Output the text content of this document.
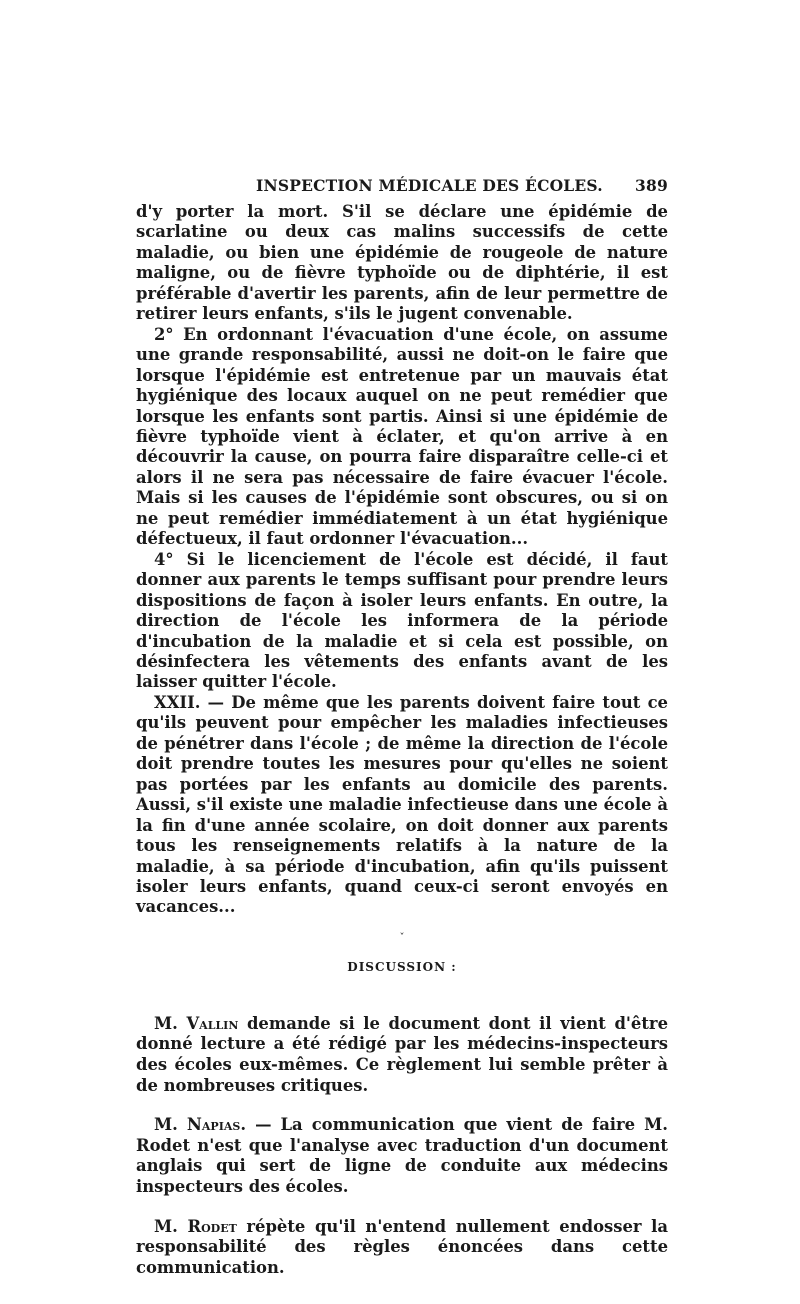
INSPECTION MÉDICALE DES ÉCOLES. 389

d'y porter la mort. S'il se déclare une épidémie de scarlatine ou deux cas malins successifs de cette maladie, ou bien une épidémie de rougeole de nature maligne, ou de fièvre typhoïde ou de diphtérie, il est préférable d'avertir les parents, afin de leur permettre de retirer leurs enfants, s'ils le jugent convenable.

2° En ordonnant l'évacuation d'une école, on assume une grande responsabilité, aussi ne doit-on le faire que lorsque l'épidémie est entretenue par un mauvais état hygiénique des locaux auquel on ne peut remédier que lorsque les enfants sont partis. Ainsi si une épidémie de fièvre typhoïde vient à éclater, et qu'on arrive à en découvrir la cause, on pourra faire disparaître celle-ci et alors il ne sera pas nécessaire de faire évacuer l'école. Mais si les causes de l'épidémie sont obscures, ou si on ne peut remédier immédiatement à un état hygiénique défectueux, il faut ordonner l'évacuation...

4° Si le licenciement de l'école est décidé, il faut donner aux parents le temps suffisant pour prendre leurs dispositions de façon à isoler leurs enfants. En outre, la direction de l'école les informera de la période d'incubation de la maladie et si cela est possible, on désinfectera les vêtements des enfants avant de les laisser quitter l'école.

XXII. — De même que les parents doivent faire tout ce qu'ils peuvent pour empêcher les maladies infectieuses de pénétrer dans l'école ; de même la direction de l'école doit prendre toutes les mesures pour qu'elles ne soient pas portées par les enfants au domicile des parents. Aussi, s'il existe une maladie infectieuse dans une école à la fin d'une année scolaire, on doit donner aux parents tous les renseignements relatifs à la nature de la maladie, à sa période d'incubation, afin qu'ils puissent isoler leurs enfants, quand ceux-ci seront envoyés en vacances...

ˇ
DISCUSSION :

M. Vallin demande si le document dont il vient d'être donné lecture a été rédigé par les médecins-inspecteurs des écoles eux-mêmes. Ce règlement lui semble prêter à de nombreuses critiques.

M. Napias. — La communication que vient de faire M. Rodet n'est que l'analyse avec traduction d'un document anglais qui sert de ligne de conduite aux médecins inspecteurs des écoles.

M. Rodet répète qu'il n'entend nullement endosser la responsabilité des règles énoncées dans cette communication.
